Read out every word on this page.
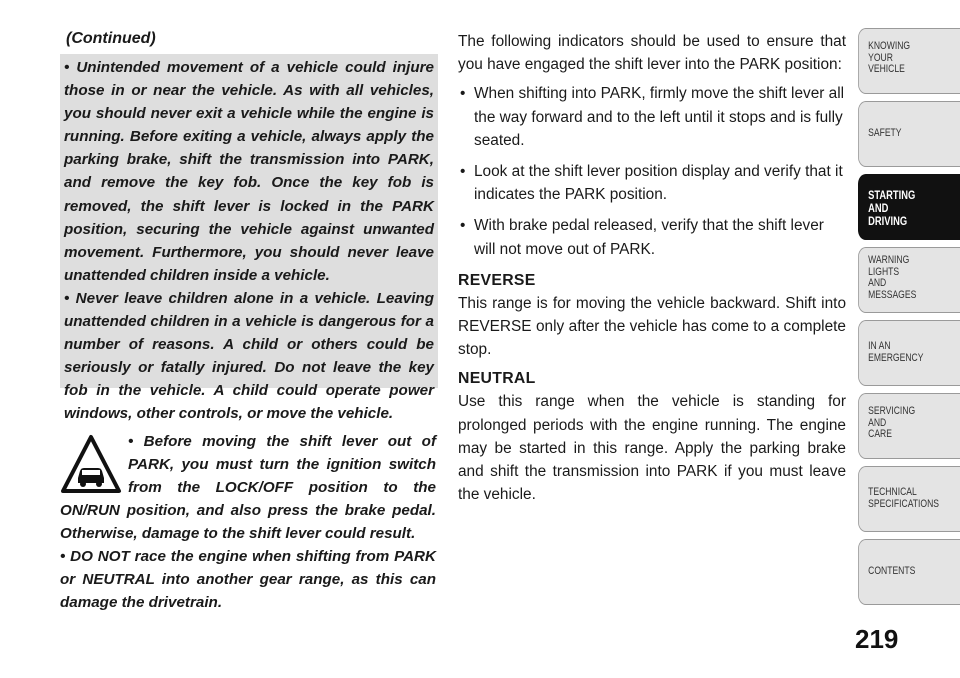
(Continued)

• Unintended movement of a vehicle could injure those in or near the vehicle. As with all vehicles, you should never exit a vehicle while the engine is running. Before exiting a vehicle, always apply the parking brake, shift the transmission into PARK, and remove the key fob. Once the key fob is removed, the shift lever is locked in the PARK position, securing the vehicle against unwanted movement. Furthermore, you should never leave unattended children inside a vehicle.

• Never leave children alone in a vehicle. Leaving unattended children in a vehicle is dangerous for a number of reasons. A child or others could be seriously or fatally injured. Do not leave the key fob in the vehicle. A child could operate power windows, other controls, or move the vehicle.

• Before moving the shift lever out of PARK, you must turn the ignition switch from the LOCK/OFF position to the ON/RUN position, and also press the brake pedal. Otherwise, damage to the shift lever could result.

• DO NOT race the engine when shifting from PARK or NEUTRAL into another gear range, as this can damage the drivetrain.

The following indicators should be used to ensure that you have engaged the shift lever into the PARK position:

• When shifting into PARK, firmly move the shift lever all the way forward and to the left until it stops and is fully seated.
• Look at the shift lever position display and verify that it indicates the PARK position.
• With brake pedal released, verify that the shift lever will not move out of PARK.
REVERSE

This range is for moving the vehicle backward. Shift into REVERSE only after the vehicle has come to a complete stop.

NEUTRAL

Use this range when the vehicle is standing for prolonged periods with the engine running. The engine may be started in this range. Apply the parking brake and shift the transmission into PARK if you must leave the vehicle.

KNOWING
YOUR
VEHICLE
SAFETY
STARTING
AND
DRIVING
WARNING
LIGHTS
AND
MESSAGES
IN AN
EMERGENCY
SERVICING
AND
CARE
TECHNICAL
SPECIFICATIONS
CONTENTS
219
